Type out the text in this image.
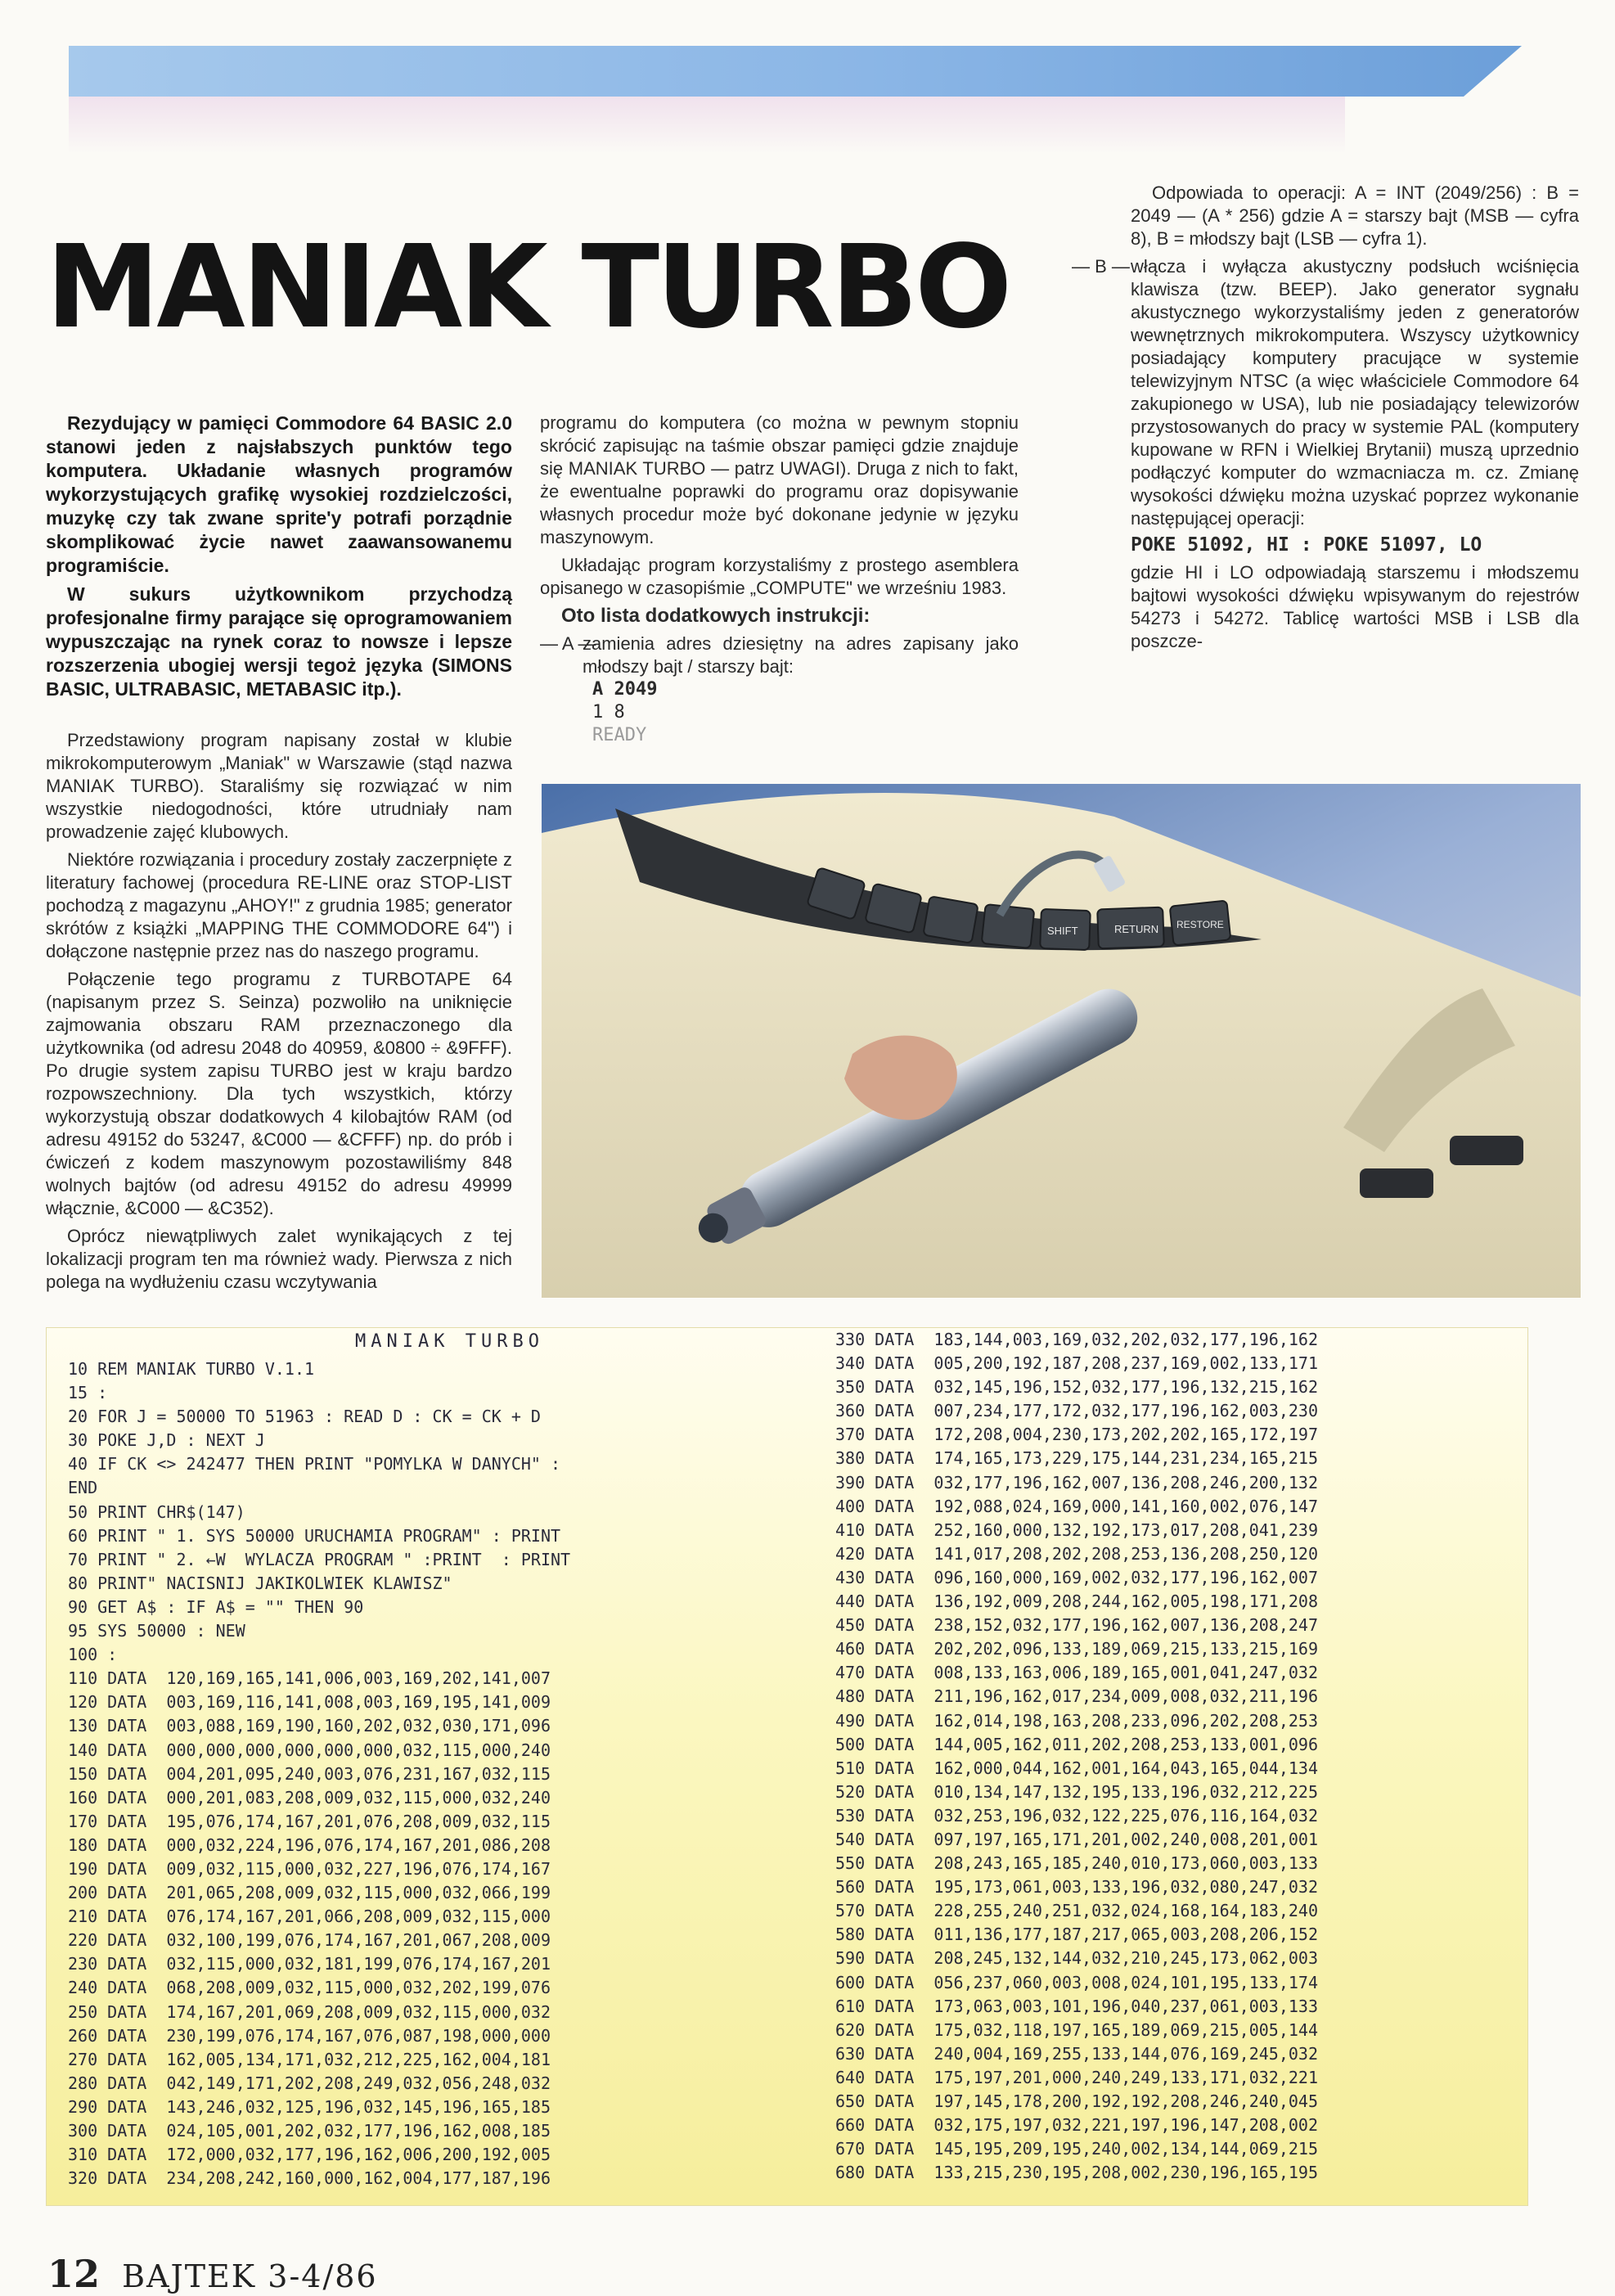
MANIAK TURBO

Rezydujący w pamięci Commodore 64 BASIC 2.0 stanowi jeden z najsłabszych punktów tego komputera. Układanie własnych programów wykorzystujących grafikę wysokiej rozdzielczości, muzykę czy tak zwane sprite'y potrafi porządnie skomplikować życie nawet zaawansowanemu programiście.

W sukurs użytkownikom przychodzą profesjonalne firmy parające się oprogramowaniem wypuszczając na rynek coraz to nowsze i lepsze rozszerzenia ubogiej wersji tegoż języka (SIMONS BASIC, ULTRABASIC, METABASIC itp.).

Przedstawiony program napisany został w klubie mikrokomputerowym „Maniak" w Warszawie (stąd nazwa MANIAK TURBO). Staraliśmy się rozwiązać w nim wszystkie niedogodności, które utrudniały nam prowadzenie zajęć klubowych.

Niektóre rozwiązania i procedury zostały zaczerpnięte z literatury fachowej (procedura RE-LINE oraz STOP-LIST pochodzą z magazynu „AHOY!" z grudnia 1985; generator skrótów z książki „MAPPING THE COMMODORE 64") i dołączone następnie przez nas do naszego programu.

Połączenie tego programu z TURBOTAPE 64 (napisanym przez S. Seinza) pozwoliło na uniknięcie zajmowania obszaru RAM przeznaczonego dla użytkownika (od adresu 2048 do 40959, &0800 ÷ &9FFF). Po drugie system zapisu TURBO jest w kraju bardzo rozpowszechniony. Dla tych wszystkich, którzy wykorzystują obszar dodatkowych 4 kilobajtów RAM (od adresu 49152 do 53247, &C000 — &CFFF) np. do prób i ćwiczeń z kodem maszynowym pozostawiliśmy 848 wolnych bajtów (od adresu 49152 do adresu 49999 włącznie, &C000 — &C352).

Oprócz niewątpliwych zalet wynikających z tej lokalizacji program ten ma również wady. Pierwsza z nich polega na wydłużeniu czasu wczytywania

programu do komputera (co można w pewnym stopniu skrócić zapisując na taśmie obszar pamięci gdzie znajduje się MANIAK TURBO — patrz UWAGI). Druga z nich to fakt, że ewentualne poprawki do programu oraz dopisywanie własnych procedur może być dokonane jedynie w języku maszynowym.

Układając program korzystaliśmy z prostego asemblera opisanego w czasopiśmie „COMPUTE" we wrześniu 1983.

Oto lista dodatkowych instrukcji:

— A —
zamienia adres dziesiętny na adres zapisany jako młodszy bajt / starszy bajt:
A 2049
1 8
READY

Odpowiada to operacji: A = INT (2049/256) : B = 2049 — (A * 256) gdzie A = starszy bajt (MSB — cyfra 8), B = młodszy bajt (LSB — cyfra 1).

— B — włącza i wyłącza akustyczny podsłuch wciśnięcia klawisza (tzw. BEEP). Jako generator sygnału akustycznego wykorzystaliśmy jeden z generatorów wewnętrznych mikrokomputera. Wszyscy użytkownicy posiadający komputery pracujące w systemie telewizyjnym NTSC (a więc właściciele Commodore 64 zakupionego w USA), lub nie posiadający telewizorów przystosowanych do pracy w systemie PAL (komputery kupowane w RFN i Wielkiej Brytanii) muszą uprzednio podłączyć komputer do wzmacniacza m. cz. Zmianę wysokości dźwięku można uzyskać poprzez wykonanie następującej operacji:

POKE 51092, HI : POKE 51097, LO

gdzie HI i LO odpowiadają starszemu i młodszemu bajtowi wysokości dźwięku wpisywanym do rejestrów 54273 i 54272. Tablicę wartości MSB i LSB dla poszcze-

RETURN
SHIFT	RESTORE
MANIAK TURBO
10 REM MANIAK TURBO V.1.1
15 :
20 FOR J = 50000 TO 51963 : READ D : CK = CK + D
30 POKE J,D : NEXT J
40 IF CK <> 242477 THEN PRINT "POMYLKA W DANYCH" :
END
50 PRINT CHR$(147)
60 PRINT " 1. SYS 50000 URUCHAMIA PROGRAM" : PRINT
70 PRINT " 2. ←W  WYLACZA PROGRAM " :PRINT  : PRINT
80 PRINT" NACISNIJ JAKIKOLWIEK KLAWISZ"
90 GET A$ : IF A$ = "" THEN 90
95 SYS 50000 : NEW
100 :
110 DATA  120,169,165,141,006,003,169,202,141,007
120 DATA  003,169,116,141,008,003,169,195,141,009
130 DATA  003,088,169,190,160,202,032,030,171,096
140 DATA  000,000,000,000,000,000,032,115,000,240
150 DATA  004,201,095,240,003,076,231,167,032,115
160 DATA  000,201,083,208,009,032,115,000,032,240
170 DATA  195,076,174,167,201,076,208,009,032,115
180 DATA  000,032,224,196,076,174,167,201,086,208
190 DATA  009,032,115,000,032,227,196,076,174,167
200 DATA  201,065,208,009,032,115,000,032,066,199
210 DATA  076,174,167,201,066,208,009,032,115,000
220 DATA  032,100,199,076,174,167,201,067,208,009
230 DATA  032,115,000,032,181,199,076,174,167,201
240 DATA  068,208,009,032,115,000,032,202,199,076
250 DATA  174,167,201,069,208,009,032,115,000,032
260 DATA  230,199,076,174,167,076,087,198,000,000
270 DATA  162,005,134,171,032,212,225,162,004,181
280 DATA  042,149,171,202,208,249,032,056,248,032
290 DATA  143,246,032,125,196,032,145,196,165,185
300 DATA  024,105,001,202,032,177,196,162,008,185
310 DATA  172,000,032,177,196,162,006,200,192,005
320 DATA  234,208,242,160,000,162,004,177,187,196
330 DATA  183,144,003,169,032,202,032,177,196,162
340 DATA  005,200,192,187,208,237,169,002,133,171
350 DATA  032,145,196,152,032,177,196,132,215,162
360 DATA  007,234,177,172,032,177,196,162,003,230
370 DATA  172,208,004,230,173,202,202,165,172,197
380 DATA  174,165,173,229,175,144,231,234,165,215
390 DATA  032,177,196,162,007,136,208,246,200,132
400 DATA  192,088,024,169,000,141,160,002,076,147
410 DATA  252,160,000,132,192,173,017,208,041,239
420 DATA  141,017,208,202,208,253,136,208,250,120
430 DATA  096,160,000,169,002,032,177,196,162,007
440 DATA  136,192,009,208,244,162,005,198,171,208
450 DATA  238,152,032,177,196,162,007,136,208,247
460 DATA  202,202,096,133,189,069,215,133,215,169
470 DATA  008,133,163,006,189,165,001,041,247,032
480 DATA  211,196,162,017,234,009,008,032,211,196
490 DATA  162,014,198,163,208,233,096,202,208,253
500 DATA  144,005,162,011,202,208,253,133,001,096
510 DATA  162,000,044,162,001,164,043,165,044,134
520 DATA  010,134,147,132,195,133,196,032,212,225
530 DATA  032,253,196,032,122,225,076,116,164,032
540 DATA  097,197,165,171,201,002,240,008,201,001
550 DATA  208,243,165,185,240,010,173,060,003,133
560 DATA  195,173,061,003,133,196,032,080,247,032
570 DATA  228,255,240,251,032,024,168,164,183,240
580 DATA  011,136,177,187,217,065,003,208,206,152
590 DATA  208,245,132,144,032,210,245,173,062,003
600 DATA  056,237,060,003,008,024,101,195,133,174
610 DATA  173,063,003,101,196,040,237,061,003,133
620 DATA  175,032,118,197,165,189,069,215,005,144
630 DATA  240,004,169,255,133,144,076,169,245,032
640 DATA  175,197,201,000,240,249,133,171,032,221
650 DATA  197,145,178,200,192,192,208,246,240,045
660 DATA  032,175,197,032,221,197,196,147,208,002
670 DATA  145,195,209,195,240,002,134,144,069,215
680 DATA  133,215,230,195,208,002,230,196,165,195
12 BAJTEK 3-4/86
